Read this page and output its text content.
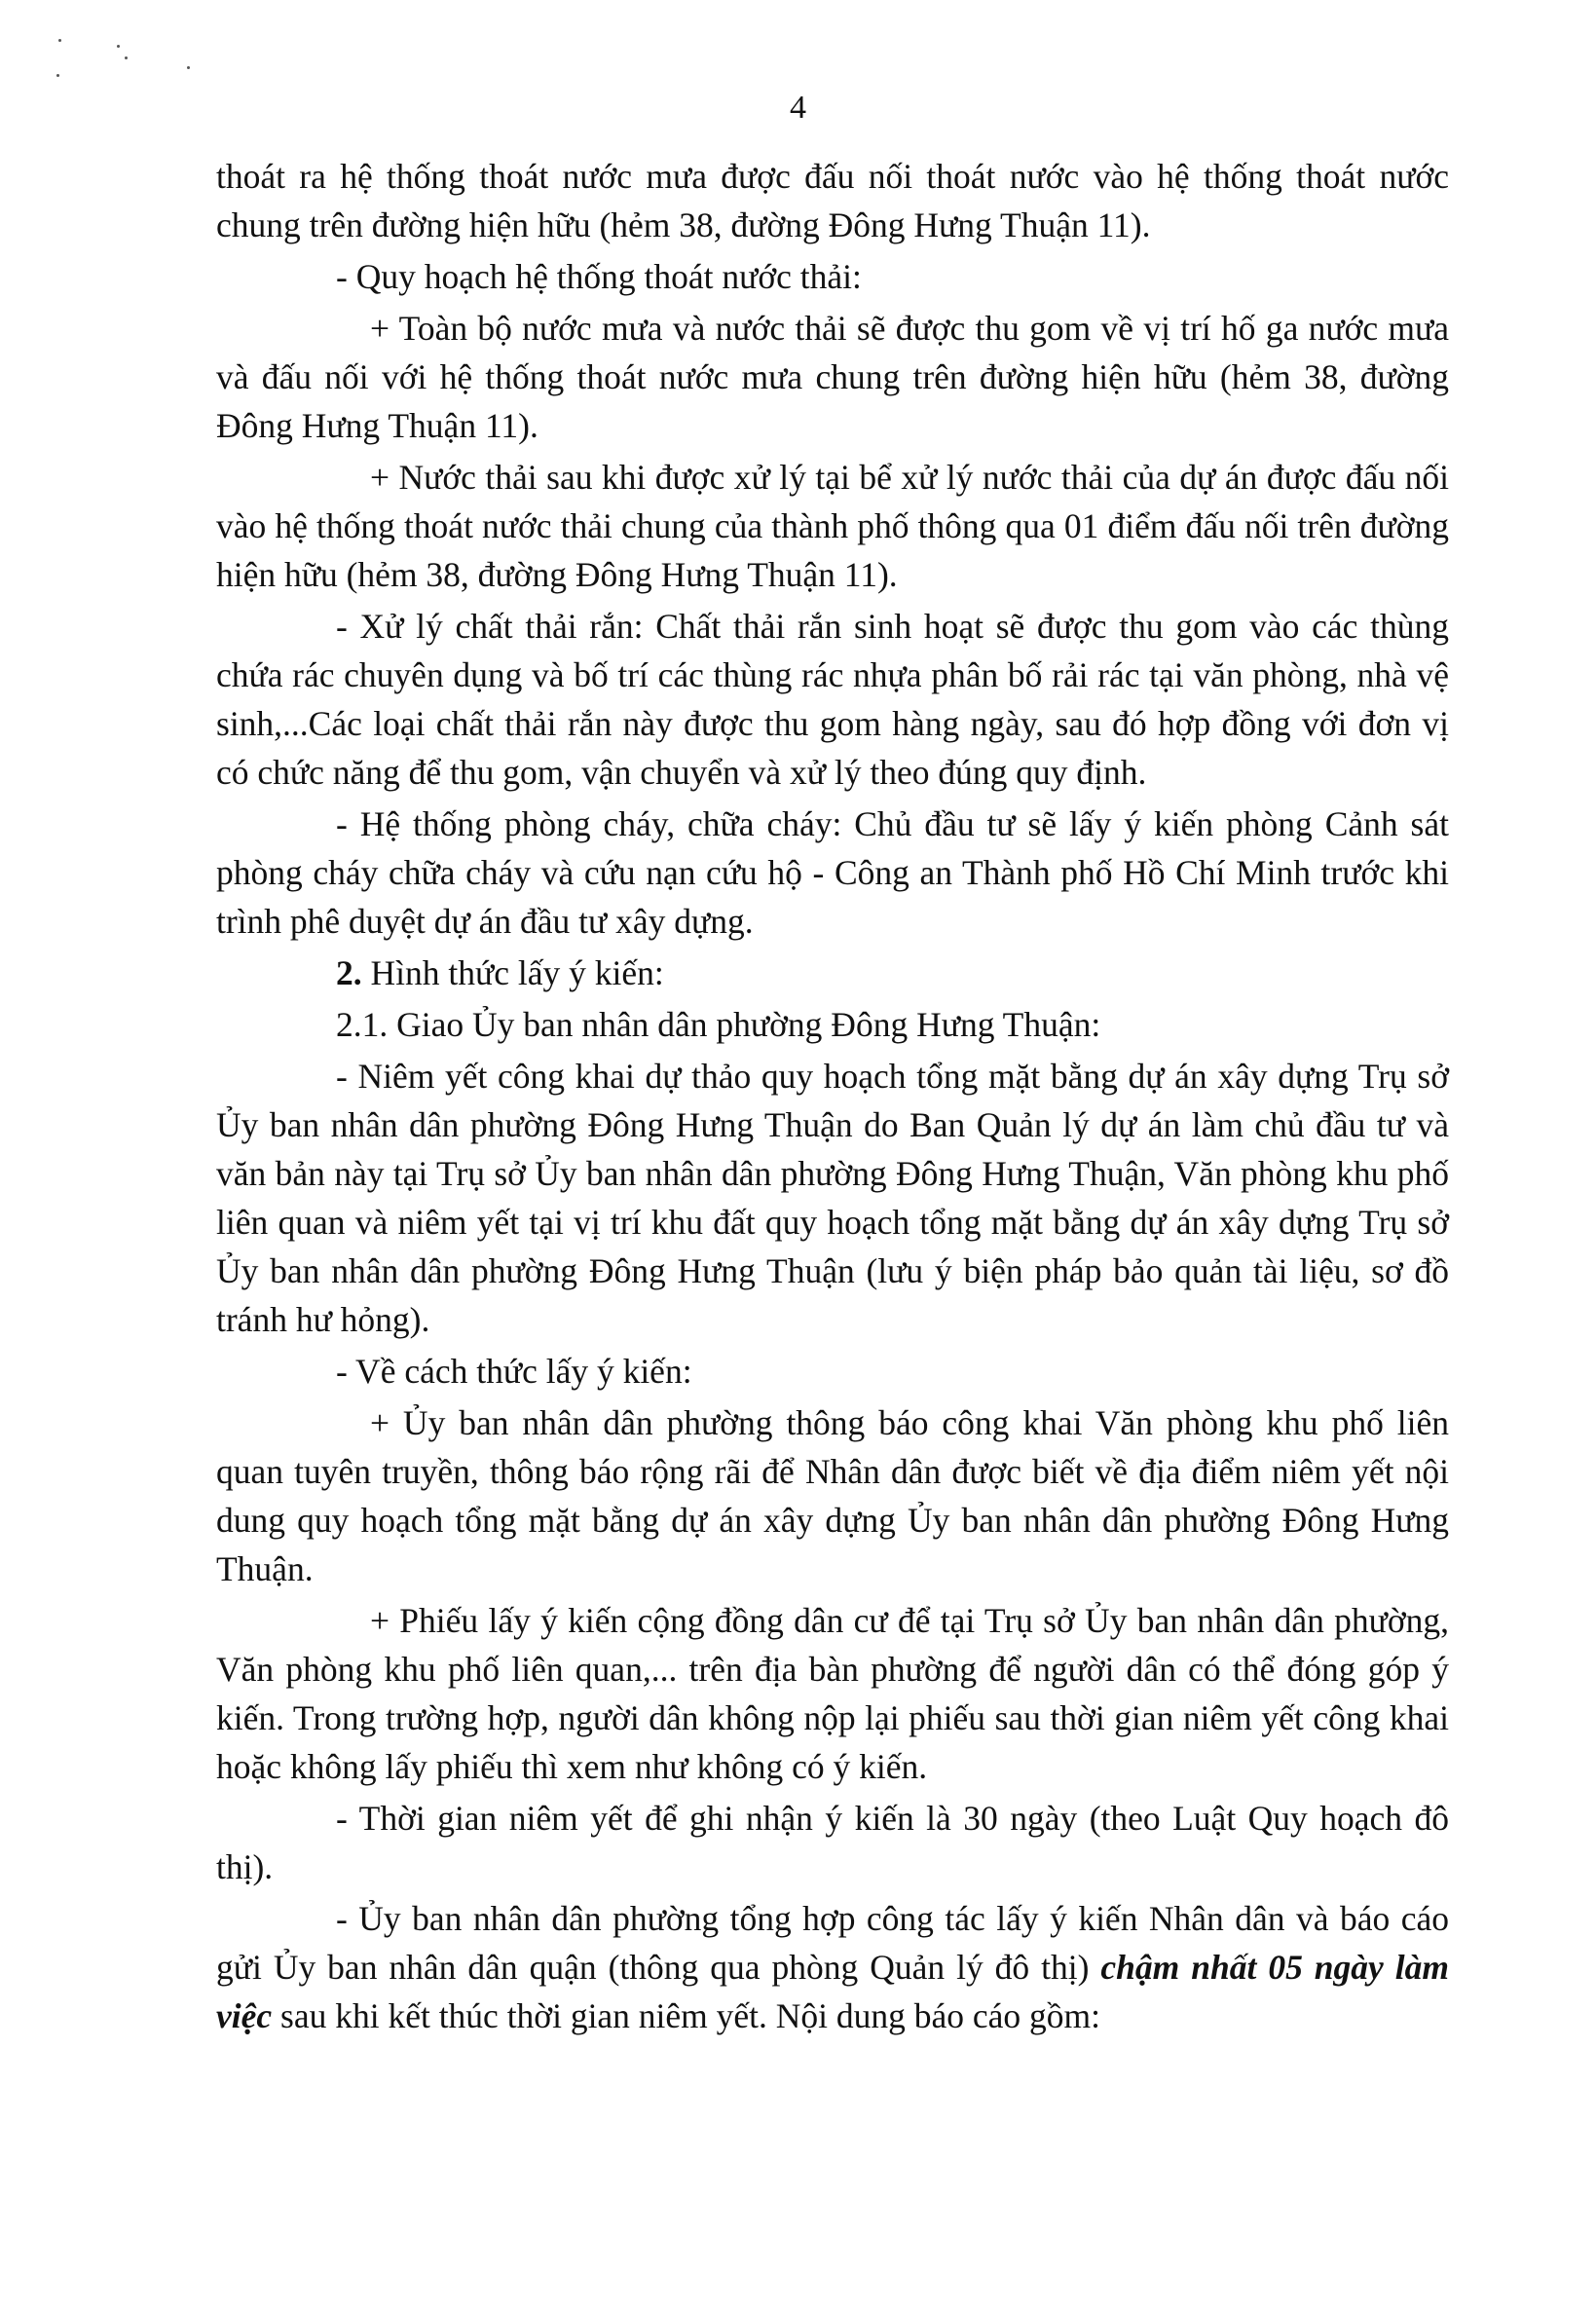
4

thoát ra hệ thống thoát nước mưa được đấu nối thoát nước vào hệ thống thoát nước chung trên đường hiện hữu (hẻm 38, đường Đông Hưng Thuận 11).

- Quy hoạch hệ thống thoát nước thải:

+ Toàn bộ nước mưa và nước thải sẽ được thu gom về vị trí hố ga nước mưa và đấu nối với hệ thống thoát nước mưa chung trên đường hiện hữu (hẻm 38, đường Đông Hưng Thuận 11).

+ Nước thải sau khi được xử lý tại bể xử lý nước thải của dự án được đấu nối vào hệ thống thoát nước thải chung của thành phố thông qua 01 điểm đấu nối trên đường hiện hữu (hẻm 38, đường Đông Hưng Thuận 11).

- Xử lý chất thải rắn: Chất thải rắn sinh hoạt sẽ được thu gom vào các thùng chứa rác chuyên dụng và bố trí các thùng rác nhựa phân bố rải rác tại văn phòng, nhà vệ sinh,...Các loại chất thải rắn này được thu gom hàng ngày, sau đó hợp đồng với đơn vị có chức năng để thu gom, vận chuyển và xử lý theo đúng quy định.

- Hệ thống phòng cháy, chữa cháy: Chủ đầu tư sẽ lấy ý kiến phòng Cảnh sát phòng cháy chữa cháy và cứu nạn cứu hộ - Công an Thành phố Hồ Chí Minh trước khi trình phê duyệt dự án đầu tư xây dựng.

2. Hình thức lấy ý kiến:

2.1. Giao Ủy ban nhân dân phường Đông Hưng Thuận:

- Niêm yết công khai dự thảo quy hoạch tổng mặt bằng dự án xây dựng Trụ sở Ủy ban nhân dân phường Đông Hưng Thuận do Ban Quản lý dự án làm chủ đầu tư và văn bản này tại Trụ sở Ủy ban nhân dân phường Đông Hưng Thuận, Văn phòng khu phố liên quan và niêm yết tại vị trí khu đất quy hoạch tổng mặt bằng dự án xây dựng Trụ sở Ủy ban nhân dân phường Đông Hưng Thuận (lưu ý biện pháp bảo quản tài liệu, sơ đồ tránh hư hỏng).

- Về cách thức lấy ý kiến:

+ Ủy ban nhân dân phường thông báo công khai Văn phòng khu phố liên quan tuyên truyền, thông báo rộng rãi để Nhân dân được biết về địa điểm niêm yết nội dung quy hoạch tổng mặt bằng dự án xây dựng Ủy ban nhân dân phường Đông Hưng Thuận.

+ Phiếu lấy ý kiến cộng đồng dân cư để tại Trụ sở Ủy ban nhân dân phường, Văn phòng khu phố liên quan,... trên địa bàn phường để người dân có thể đóng góp ý kiến. Trong trường hợp, người dân không nộp lại phiếu sau thời gian niêm yết công khai hoặc không lấy phiếu thì xem như không có ý kiến.

- Thời gian niêm yết để ghi nhận ý kiến là 30 ngày (theo Luật Quy hoạch đô thị).

- Ủy ban nhân dân phường tổng hợp công tác lấy ý kiến Nhân dân và báo cáo gửi Ủy ban nhân dân quận (thông qua phòng Quản lý đô thị) chậm nhất 05 ngày làm việc sau khi kết thúc thời gian niêm yết. Nội dung báo cáo gồm:
